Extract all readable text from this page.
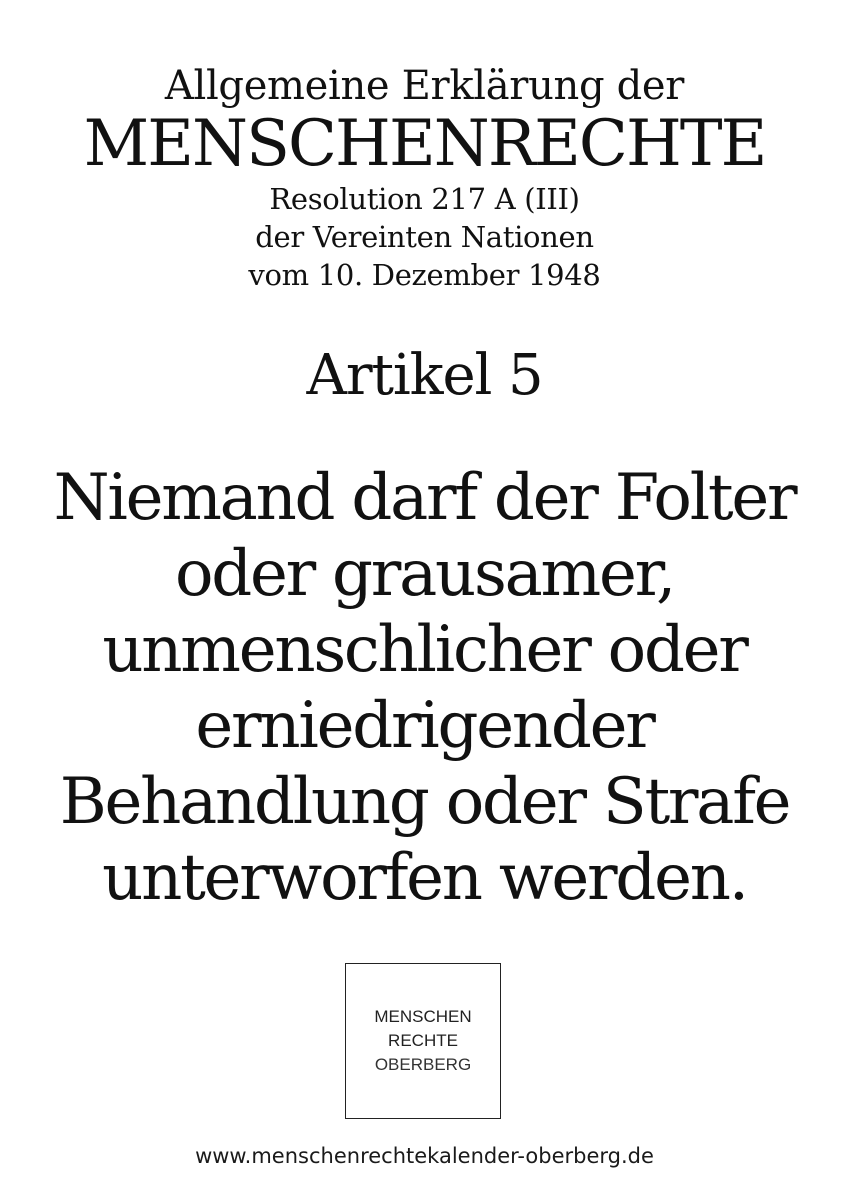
Allgemeine Erklärung der
MENSCHENRECHTE
Resolution 217 A (III)
der Vereinten Nationen
vom 10. Dezember 1948
Artikel 5
Niemand darf der Folter
oder grausamer,
unmenschlicher oder
erniedrigender
Behandlung oder Strafe
unterworfen werden.
MENSCHEN
RECHTE
OBERBERG
www.menschenrechtekalender-oberberg.de
